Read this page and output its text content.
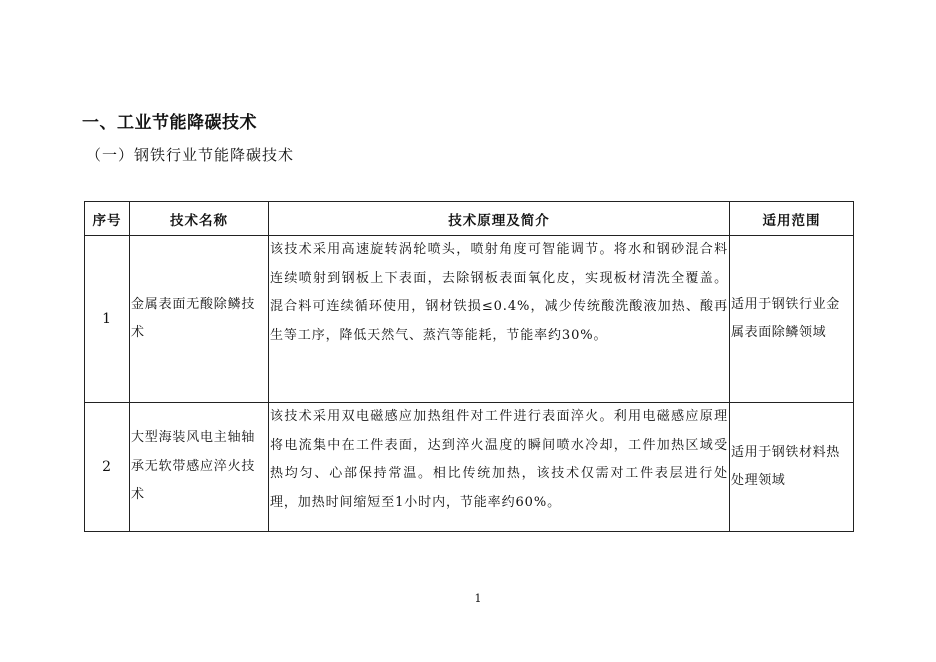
一、工业节能降碳技术
（一）钢铁行业节能降碳技术
序号	技术名称	技术原理及简介	适用范围
1	金属表面无酸除鳞技术	该技术采用高速旋转涡轮喷头，喷射角度可智能调节。将水和钢砂混合料连续喷射到钢板上下表面，去除钢板表面氧化皮，实现板材清洗全覆盖。混合料可连续循环使用，钢材铁损≤0.4%，减少传统酸洗酸液加热、酸再生等工序，降低天然气、蒸汽等能耗，节能率约30%。	适用于钢铁行业金属表面除鳞领域
2	大型海装风电主轴轴承无软带感应淬火技术	该技术采用双电磁感应加热组件对工件进行表面淬火。利用电磁感应原理将电流集中在工件表面，达到淬火温度的瞬间喷水冷却，工件加热区域受热均匀、心部保持常温。相比传统加热，该技术仅需对工件表层进行处理，加热时间缩短至1小时内，节能率约60%。	适用于钢铁材料热处理领域
1
